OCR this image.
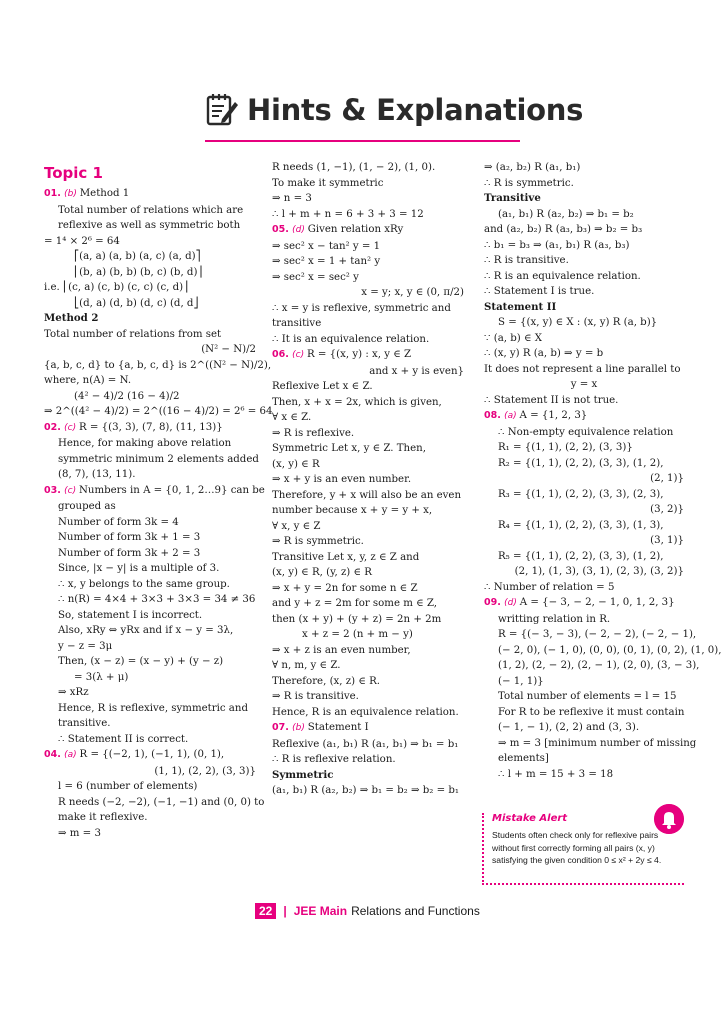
Hints & Explanations
Topic 1
01. (b) Method 1
Total number of relations which are
reflexive as well as symmetric both
= 1⁴ × 2⁶ = 64
⎡(a, a) (a, b) (a, c) (a, d)⎤
⎢(b, a) (b, b) (b, c) (b, d)⎥
i.e. ⎢(c, a) (c, b) (c, c) (c, d)⎥
⎣(d, a) (d, b) (d, c) (d, d⎦
Method 2
Total number of relations from set
(N² − N)/2
{a, b, c, d} to {a, b, c, d} is 2^((N² − N)/2),
where, n(A) = N.
(4² − 4)/2 (16 − 4)/2
⇒ 2^((4² − 4)/2) = 2^((16 − 4)/2) = 2⁶ = 64
02. (c) R = {(3, 3), (7, 8), (11, 13)}
Hence, for making above relation
symmetric minimum 2 elements added
(8, 7), (13, 11).
03. (c) Numbers in A = {0, 1, 2…9} can be
grouped as
Number of form 3k = 4
Number of form 3k + 1 = 3
Number of form 3k + 2 = 3
Since, |x − y| is a multiple of 3.
∴ x, y belongs to the same group.
∴ n(R) = 4×4 + 3×3 + 3×3 = 34 ≠ 36
So, statement I is incorrect.
Also, xRy ⇔ yRx and if x − y = 3λ,
y − z = 3μ
Then, (x − z) = (x − y) + (y − z)
= 3(λ + μ)
⇒ xRz
Hence, R is reflexive, symmetric and
transitive.
∴ Statement II is correct.
04. (a) R = {(−2, 1), (−1, 1), (0, 1),
(1, 1), (2, 2), (3, 3)}
l = 6 (number of elements)
R needs (−2, −2), (−1, −1) and (0, 0) to
make it reflexive.
⇒ m = 3
R needs (1, −1), (1, − 2), (1, 0).
To make it symmetric
⇒ n = 3
∴ l + m + n = 6 + 3 + 3 = 12
05. (d) Given relation xRy
⇒ sec² x − tan² y = 1
⇒ sec² x = 1 + tan² y
⇒ sec² x = sec² y
x = y; x, y ∈ (0, π/2)
∴ x = y is reflexive, symmetric and
transitive
∴ It is an equivalence relation.
06. (c) R = {(x, y) : x, y ∈ Z
and x + y is even}
Reflexive Let x ∈ Z.
Then, x + x = 2x, which is given,
∀ x ∈ Z.
⇒ R is reflexive.
Symmetric Let x, y ∈ Z. Then,
(x, y) ∈ R
⇒ x + y is an even number.
Therefore, y + x will also be an even
number because x + y = y + x,
∀ x, y ∈ Z
⇒ R is symmetric.
Transitive Let x, y, z ∈ Z and
(x, y) ∈ R, (y, z) ∈ R
⇒ x + y = 2n for some n ∈ Z
and y + z = 2m for some m ∈ Z,
then (x + y) + (y + z) = 2n + 2m
x + z = 2 (n + m − y)
⇒ x + z is an even number,
∀ n, m, y ∈ Z.
Therefore, (x, z) ∈ R.
⇒ R is transitive.
Hence, R is an equivalence relation.
07. (b) Statement I
Reflexive (a₁, b₁) R (a₁, b₁) ⇒ b₁ = b₁
∴ R is reflexive relation.
Symmetric
(a₁, b₁) R (a₂, b₂) ⇒ b₁ = b₂ ⇒ b₂ = b₁
⇒ (a₂, b₂) R (a₁, b₁)
∴ R is symmetric.
Transitive
(a₁, b₁) R (a₂, b₂) ⇒ b₁ = b₂
and (a₂, b₂) R (a₃, b₃) ⇒ b₂ = b₃
∴ b₁ = b₃ ⇒ (a₁, b₁) R (a₃, b₃)
∴ R is transitive.
∴ R is an equivalence relation.
∴ Statement I is true.
Statement II
S = {(x, y) ∈ X : (x, y) R (a, b)}
∵ (a, b) ∈ X
∴ (x, y) R (a, b) ⇒ y = b
It does not represent a line parallel to
y = x
∴ Statement II is not true.
08. (a) A = {1, 2, 3}
∴ Non-empty equivalence relation
R₁ = {(1, 1), (2, 2), (3, 3)}
R₂ = {(1, 1), (2, 2), (3, 3), (1, 2),
(2, 1)}
R₃ = {(1, 1), (2, 2), (3, 3), (2, 3),
(3, 2)}
R₄ = {(1, 1), (2, 2), (3, 3), (1, 3),
(3, 1)}
R₅ = {(1, 1), (2, 2), (3, 3), (1, 2),
(2, 1), (1, 3), (3, 1), (2, 3), (3, 2)}
∴ Number of relation = 5
09. (d) A = {− 3, − 2, − 1, 0, 1, 2, 3}
writting relation in R.
R = {(− 3, − 3), (− 2, − 2), (− 2, − 1),
(− 2, 0), (− 1, 0), (0, 0), (0, 1), (0, 2), (1, 0),
(1, 2), (2, − 2), (2, − 1), (2, 0), (3, − 3),
(− 1, 1)}
Total number of elements = l = 15
For R to be reflexive it must contain
(− 1, − 1), (2, 2) and (3, 3).
⇒ m = 3 [minimum number of missing
elements]
∴ l + m = 15 + 3 = 18
Mistake Alert
Students often check only for reflexive pairs
without first correctly forming all pairs (x, y)
satisfying the given condition 0 ≤ x² + 2y ≤ 4.
22 | JEE Main Relations and Functions
